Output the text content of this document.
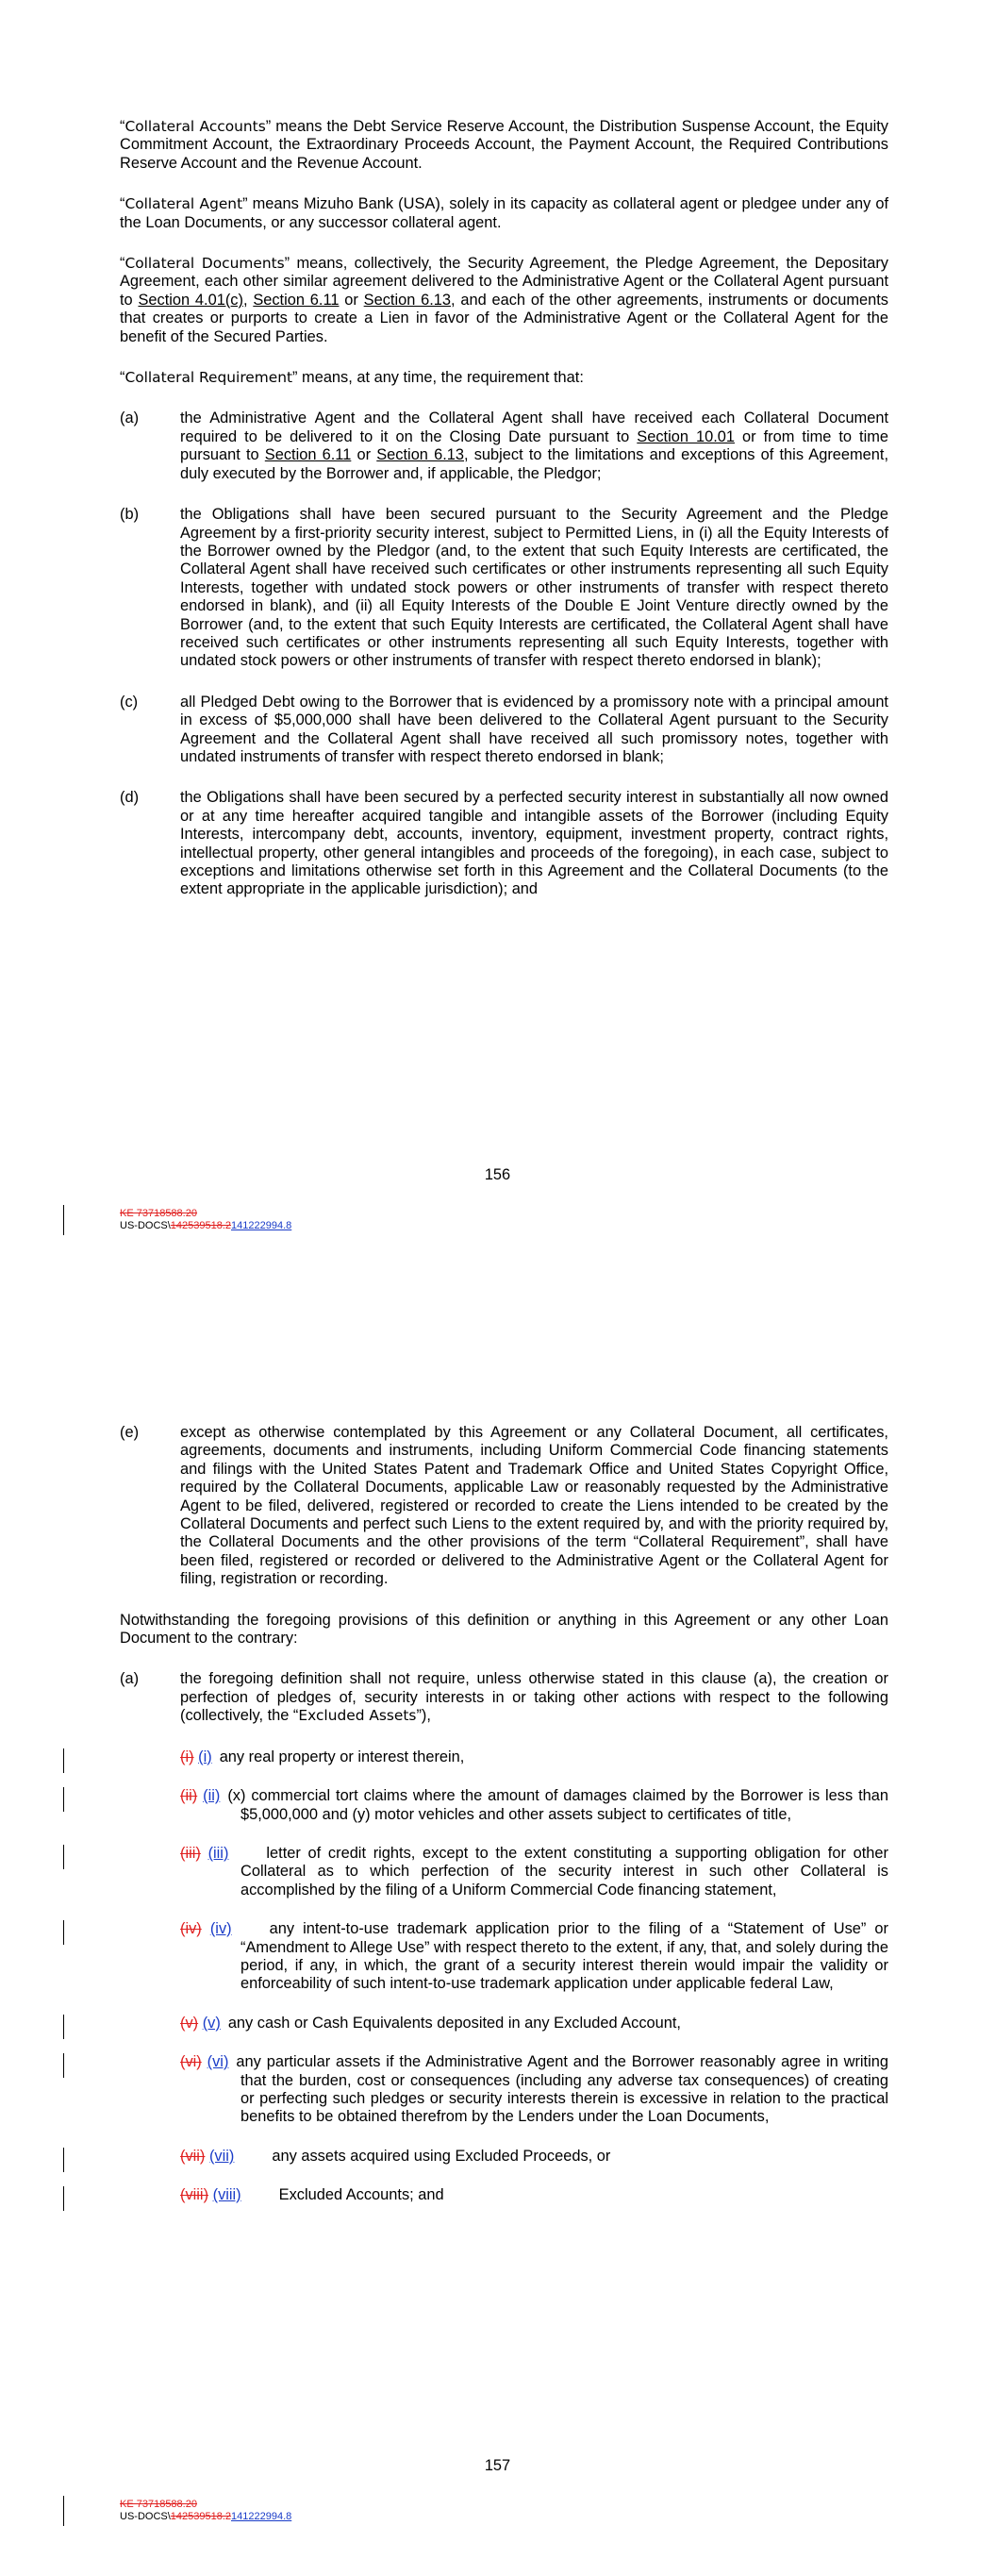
“Collateral Accounts” means the Debt Service Reserve Account, the Distribution Suspense Account, the Equity Commitment Account, the Extraordinary Proceeds Account, the Payment Account, the Required Contributions Reserve Account and the Revenue Account.

“Collateral Agent” means Mizuho Bank (USA), solely in its capacity as collateral agent or pledgee under any of the Loan Documents, or any successor collateral agent.

“Collateral Documents” means, collectively, the Security Agreement, the Pledge Agreement, the Depositary Agreement, each other similar agreement delivered to the Administrative Agent or the Collateral Agent pursuant to Section 4.01(c), Section 6.11 or Section 6.13, and each of the other agreements, instruments or documents that creates or purports to create a Lien in favor of the Administrative Agent or the Collateral Agent for the benefit of the Secured Parties.

“Collateral Requirement” means, at any time, the requirement that:

(a)	the Administrative Agent and the Collateral Agent shall have received each Collateral Document required to be delivered to it on the Closing Date pursuant to Section 10.01 or from time to time pursuant to Section 6.11 or Section 6.13, subject to the limitations and exceptions of this Agreement, duly executed by the Borrower and, if applicable, the Pledgor;
(b)	the Obligations shall have been secured pursuant to the Security Agreement and the Pledge Agreement by a first-priority security interest, subject to Permitted Liens, in (i) all the Equity Interests of the Borrower owned by the Pledgor (and, to the extent that such Equity Interests are certificated, the Collateral Agent shall have received such certificates or other instruments representing all such Equity Interests, together with undated stock powers or other instruments of transfer with respect thereto endorsed in blank), and (ii) all Equity Interests of the Double E Joint Venture directly owned by the Borrower (and, to the extent that such Equity Interests are certificated, the Collateral Agent shall have received such certificates or other instruments representing all such Equity Interests, together with undated stock powers or other instruments of transfer with respect thereto endorsed in blank);
(c)	all Pledged Debt owing to the Borrower that is evidenced by a promissory note with a principal amount in excess of $5,000,000 shall have been delivered to the Collateral Agent pursuant to the Security Agreement and the Collateral Agent shall have received all such promissory notes, together with undated instruments of transfer with respect thereto endorsed in blank;
(d)	the Obligations shall have been secured by a perfected security interest in substantially all now owned or at any time hereafter acquired tangible and intangible assets of the Borrower (including Equity Interests, intercompany debt, accounts, inventory, equipment, investment property, contract rights, intellectual property, other general intangibles and proceeds of the foregoing), in each case, subject to exceptions and limitations otherwise set forth in this Agreement and the Collateral Documents (to the extent appropriate in the applicable jurisdiction); and
156
KE 73718588.20
US-DOCS\142539518.2141222994.8
(e)	except as otherwise contemplated by this Agreement or any Collateral Document, all certificates, agreements, documents and instruments, including Uniform Commercial Code financing statements and filings with the United States Patent and Trademark Office and United States Copyright Office, required by the Collateral Documents, applicable Law or reasonably requested by the Administrative Agent to be filed, delivered, registered or recorded to create the Liens intended to be created by the Collateral Documents and perfect such Liens to the extent required by, and with the priority required by, the Collateral Documents and the other provisions of the term “Collateral Requirement”, shall have been filed, registered or recorded or delivered to the Administrative Agent or the Collateral Agent for filing, registration or recording.

Notwithstanding the foregoing provisions of this definition or anything in this Agreement or any other Loan Document to the contrary:

(a)	the foregoing definition shall not require, unless otherwise stated in this clause (a), the creation or perfection of pledges of, security interests in or taking other actions with respect to the following (collectively, the “Excluded Assets”),
(i) (i) any real property or interest therein,
(ii) (ii) (x) commercial tort claims where the amount of damages claimed by the Borrower is less than $5,000,000 and (y) motor vehicles and other assets subject to certificates of title,
(iii) (iii) letter of credit rights, except to the extent constituting a supporting obligation for other Collateral as to which perfection of the security interest in such other Collateral is accomplished by the filing of a Uniform Commercial Code financing statement,
(iv) (iv) any intent-to-use trademark application prior to the filing of a “Statement of Use” or “Amendment to Allege Use” with respect thereto to the extent, if any, that, and solely during the period, if any, in which, the grant of a security interest therein would impair the validity or enforceability of such intent-to-use trademark application under applicable federal Law,
(v) (v) any cash or Cash Equivalents deposited in any Excluded Account,
(vi) (vi) any particular assets if the Administrative Agent and the Borrower reasonably agree in writing that the burden, cost or consequences (including any adverse tax consequences) of creating or perfecting such pledges or security interests therein is excessive in relation to the practical benefits to be obtained therefrom by the Lenders under the Loan Documents,
(vii) (vii) any assets acquired using Excluded Proceeds, or
(viii) (viii) Excluded Accounts; and
157
KE 73718588.20
US-DOCS\142539518.2141222994.8
